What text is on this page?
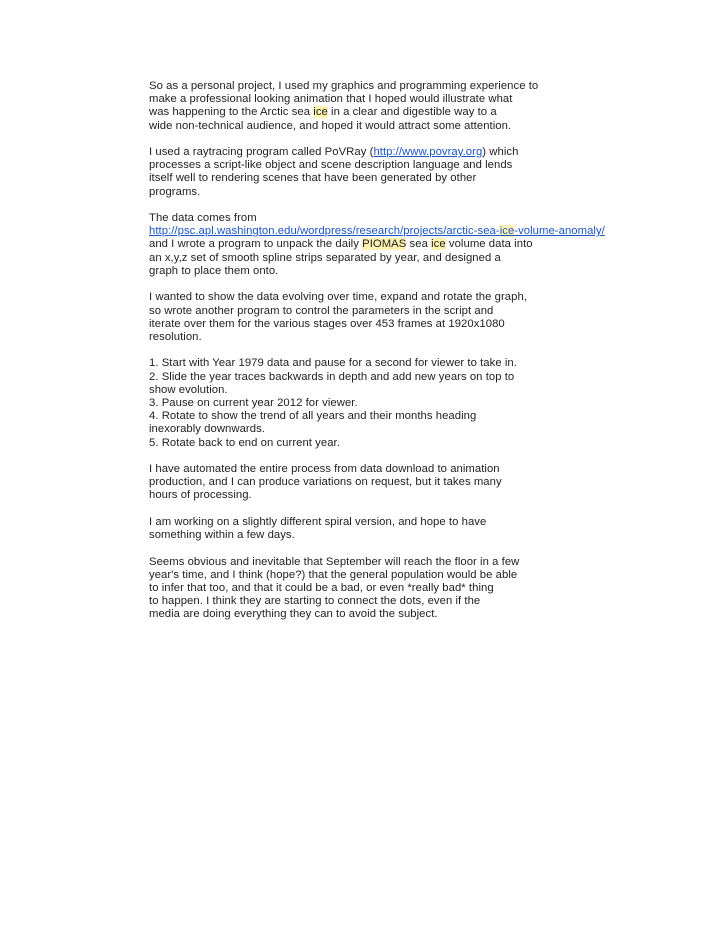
So as a personal project, I used my graphics and programming experience to
make a professional looking animation that I hoped would illustrate what
was happening to the Arctic sea ice in a clear and digestible way to a
wide non-technical audience, and hoped it would attract some attention.
I used a raytracing program called PoVRay (http://www.povray.org) which
processes a script-like object and scene description language and lends
itself well to rendering scenes that have been generated by other
programs.
The data comes from
http://psc.apl.washington.edu/wordpress/research/projects/arctic-sea-ice-volume-anomaly/
and I wrote a program to unpack the daily PIOMAS sea ice volume data into
an x,y,z set of smooth spline strips separated by year, and designed a
graph to place them onto.
I wanted to show the data evolving over time, expand and rotate the graph,
so wrote another program to control the parameters in the script and
iterate over them for the various stages over 453 frames at 1920x1080
resolution.
1. Start with Year 1979 data and pause for a second for viewer to take in.
2. Slide the year traces backwards in depth and add new years on top to
show evolution.
3. Pause on current year 2012 for viewer.
4. Rotate to show the trend of all years and their months heading
inexorably downwards.
5. Rotate back to end on current year.
I have automated the entire process from data download to animation
production, and I can produce variations on request, but it takes many
hours of processing.
I am working on a slightly different spiral version, and hope to have
something within a few days.
Seems obvious and inevitable that September will reach the floor in a few
year's time, and I think (hope?) that the general population would be able
to infer that too, and that it could be a bad, or even *really bad* thing
to happen. I think they are starting to connect the dots, even if the
media are doing everything they can to avoid the subject.
